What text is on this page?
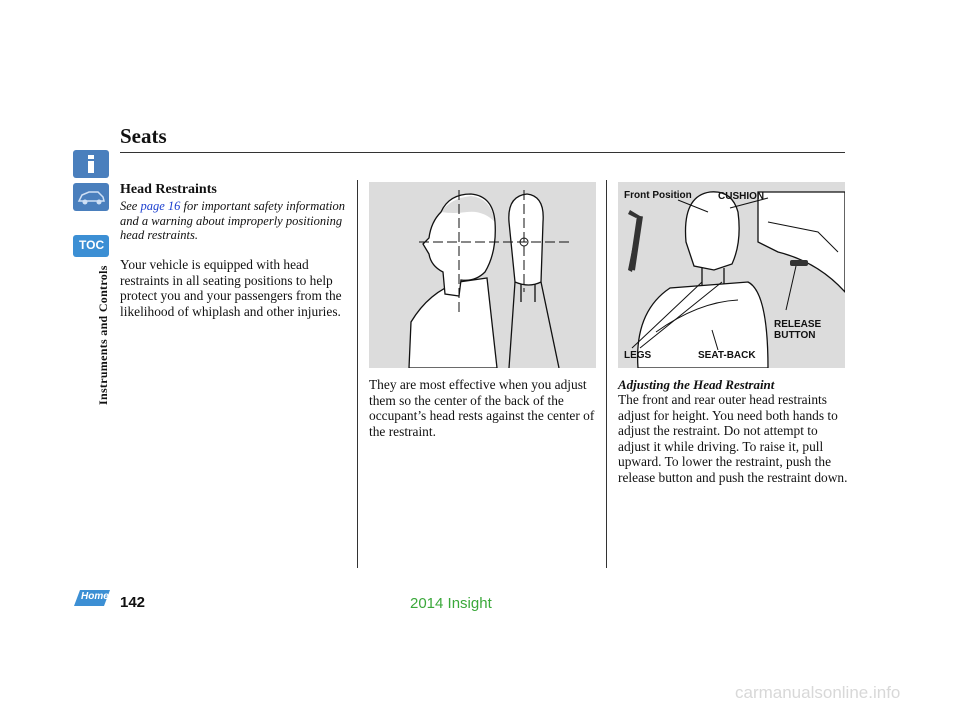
TOC
Instruments and Controls
Home
Seats
Head Restraints
See page 16 for important safety information and a warning about improperly positioning head restraints.
Your vehicle is equipped with head restraints in all seating positions to help protect you and your passengers from the likelihood of whiplash and other injuries.
They are most effective when you adjust them so the center of the back of the occupant’s head rests against the center of the restraint.
Front Position	CUSHION
RELEASE BUTTON
LEGS	SEAT-BACK
Adjusting the Head Restraint
The front and rear outer head restraints adjust for height. You need both hands to adjust the restraint. Do not attempt to adjust it while driving. To raise it, pull upward. To lower the restraint, push the release button and push the restraint down.
142	2014 Insight
carmanualsonline.info
